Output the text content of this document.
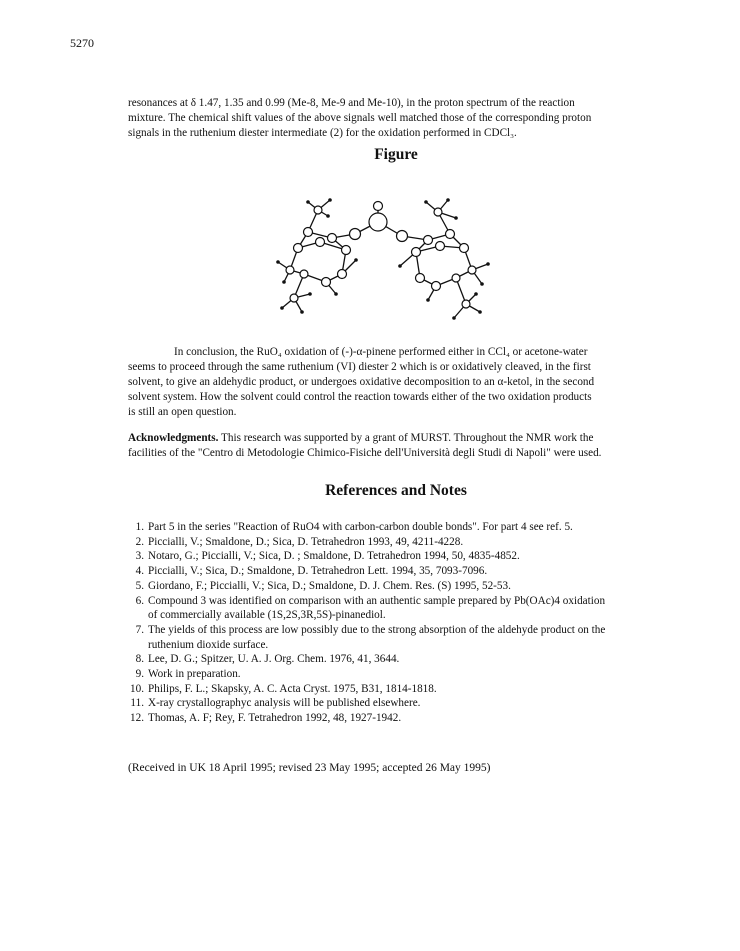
5270

resonances at δ 1.47, 1.35 and 0.99 (Me-8, Me-9 and Me-10), in the proton spectrum of the reaction
mixture. The chemical shift values of the above signals well matched those of the corresponding proton
signals in the ruthenium diester intermediate (2) for the oxidation performed in CDCl₃.

Figure

In conclusion, the RuO₄ oxidation of (-)-α-pinene performed either in CCl₄ or acetone-water
seems to proceed through the same ruthenium (VI) diester 2 which is or oxidatively cleaved, in the first
solvent, to give an aldehydic product, or undergoes oxidative decomposition to an α-ketol, in the second
solvent system. How the solvent could control the reaction towards either of the two oxidation products
is still an open question.

Acknowledgments. This research was supported by a grant of MURST. Throughout the NMR work the
facilities of the "Centro di Metodologie Chimico-Fisiche dell'Università degli Studi di Napoli" were used.

References and Notes
1. Part 5 in the series "Reaction of RuO4 with carbon-carbon double bonds". For part 4 see ref. 5.
2. Piccialli, V.; Smaldone, D.; Sica, D. Tetrahedron 1993, 49, 4211-4228.
3. Notaro, G.; Piccialli, V.; Sica, D. ; Smaldone, D. Tetrahedron 1994, 50, 4835-4852.
4. Piccialli, V.; Sica, D.; Smaldone, D. Tetrahedron Lett. 1994, 35, 7093-7096.
5. Giordano, F.; Piccialli, V.; Sica, D.; Smaldone, D. J. Chem. Res. (S) 1995, 52-53.
6. Compound 3 was identified on comparison with an authentic sample prepared by Pb(OAc)4 oxidation
of commercially available (1S,2S,3R,5S)-pinanediol.
7. The yields of this process are low possibly due to the strong absorption of the aldehyde product on the
ruthenium dioxide surface.
8. Lee, D. G.; Spitzer, U. A. J. Org. Chem. 1976, 41, 3644.
9. Work in preparation.
10. Philips, F. L.; Skapsky, A. C. Acta Cryst. 1975, B31, 1814-1818.
11. X-ray crystallographyc analysis will be published elsewhere.
12. Thomas, A. F; Rey, F. Tetrahedron 1992, 48, 1927-1942.
(Received in UK 18 April 1995; revised 23 May 1995; accepted 26 May 1995)
